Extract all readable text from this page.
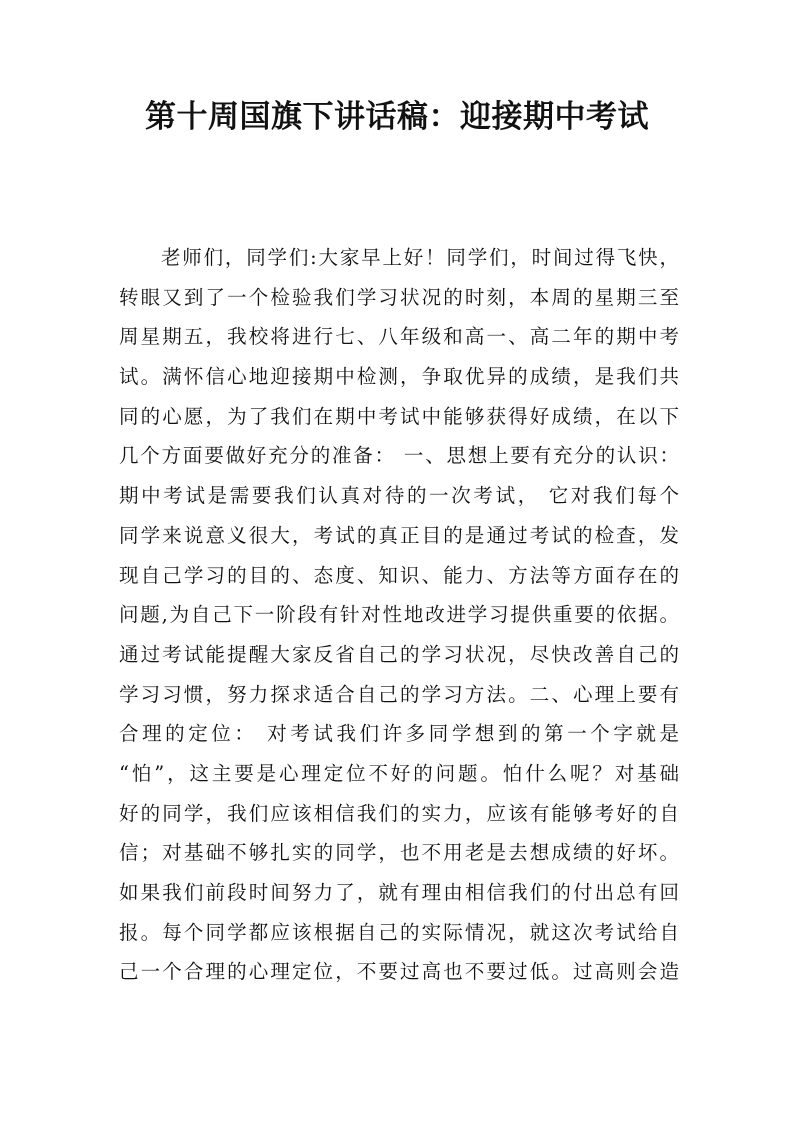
第十周国旗下讲话稿：迎接期中考试
老师们，同学们:大家早上好！同学们，时间过得飞快，
转眼又到了一个检验我们学习状况的时刻，本周的星期三至
周星期五，我校将进行七、八年级和高一、高二年的期中考
试。满怀信心地迎接期中检测，争取优异的成绩，是我们共
同的心愿，为了我们在期中考试中能够获得好成绩，在以下
几个方面要做好充分的准备： 一、思想上要有充分的认识：
期中考试是需要我们认真对待的一次考试， 它对我们每个
同学来说意义很大，考试的真正目的是通过考试的检查，发
现自己学习的目的、态度、知识、能力、方法等方面存在的
问题,为自己下一阶段有针对性地改进学习提供重要的依据。
通过考试能提醒大家反省自己的学习状况，尽快改善自己的
学习习惯，努力探求适合自己的学习方法。二、心理上要有
合理的定位： 对考试我们许多同学想到的第一个字就是
“怕”，这主要是心理定位不好的问题。怕什么呢？对基础
好的同学，我们应该相信我们的实力，应该有能够考好的自
信；对基础不够扎实的同学，也不用老是去想成绩的好坏。
如果我们前段时间努力了，就有理由相信我们的付出总有回
报。每个同学都应该根据自己的实际情况，就这次考试给自
己一个合理的心理定位，不要过高也不要过低。过高则会造
